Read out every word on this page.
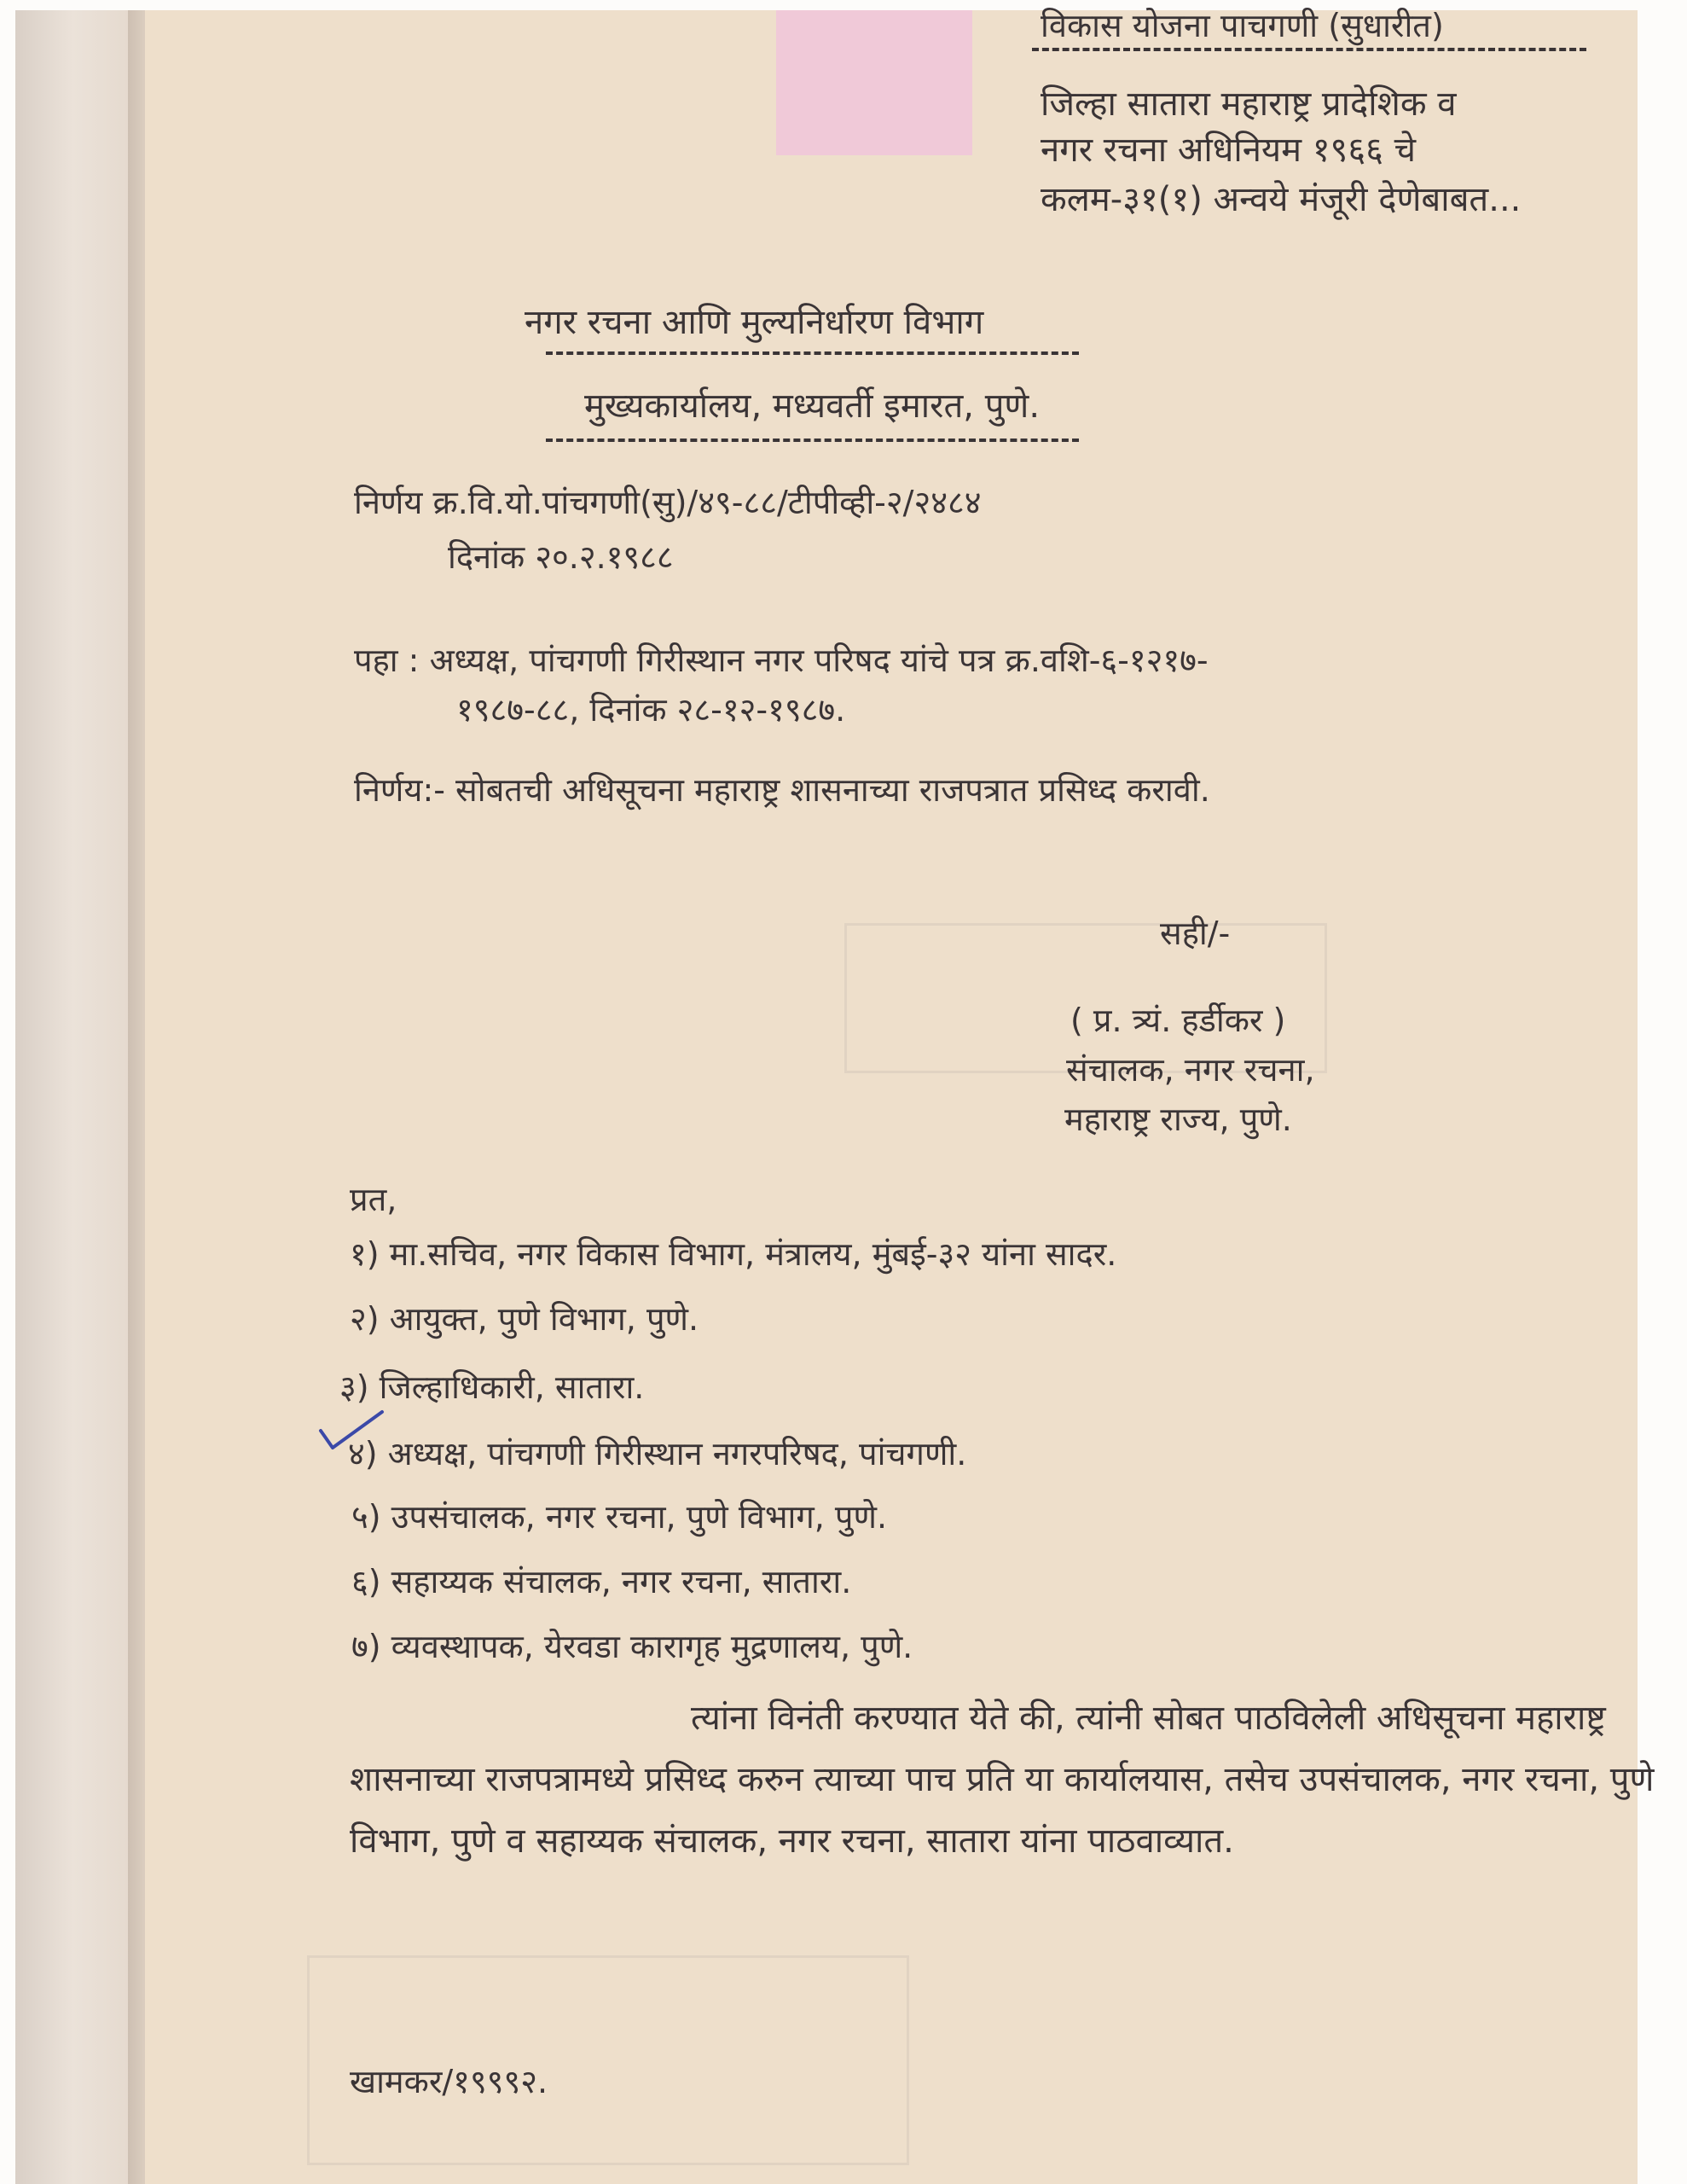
विकास योजना पाचगणी (सुधारीत)
जिल्हा सातारा महाराष्ट्र प्रादेशिक व
नगर रचना अधिनियम १९६६ चे
कलम-३१(१) अन्वये मंजूरी देणेबाबत...
नगर रचना आणि मुल्यनिर्धारण विभाग
मुख्यकार्यालय, मध्यवर्ती इमारत, पुणे.
निर्णय क्र.वि.यो.पांचगणी(सु)/४९-८८/टीपीव्ही-२/२४८४
दिनांक २०.२.१९८८
पहा : अध्यक्ष, पांचगणी गिरीस्थान नगर परिषद यांचे पत्र क्र.वशि-६-१२१७-
१९८७-८८, दिनांक २८-१२-१९८७.
निर्णय:- सोबतची अधिसूचना महाराष्ट्र शासनाच्या राजपत्रात प्रसिध्द करावी.
सही/-
( प्र. त्र्यं. हर्डीकर )
संचालक, नगर रचना,
महाराष्ट्र राज्य, पुणे.
प्रत,
१) मा.सचिव, नगर विकास विभाग, मंत्रालय, मुंबई-३२ यांना सादर.
२) आयुक्त, पुणे विभाग, पुणे.
३) जिल्हाधिकारी, सातारा.
४) अध्यक्ष, पांचगणी गिरीस्थान नगरपरिषद, पांचगणी.
५) उपसंचालक, नगर रचना, पुणे विभाग, पुणे.
६) सहाय्यक संचालक, नगर रचना, सातारा.
७) व्यवस्थापक, येरवडा कारागृह मुद्रणालय, पुणे.
त्यांना विनंती करण्यात येते की, त्यांनी सोबत पाठविलेली अधिसूचना महाराष्ट्र शासनाच्या राजपत्रामध्ये प्रसिध्द करुन त्याच्या पाच प्रति या कार्यालयास, तसेच उपसंचालक, नगर रचना, पुणे विभाग, पुणे व सहाय्यक संचालक, नगर रचना, सातारा यांना पाठवाव्यात.
खामकर/१९९९२.
